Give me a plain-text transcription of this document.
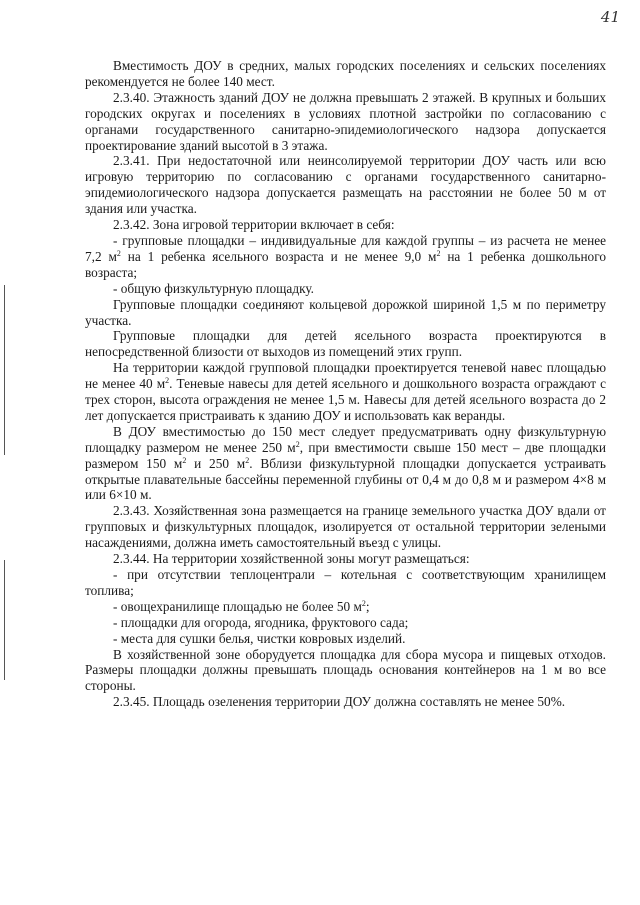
41

Вместимость ДОУ в средних, малых городских поселениях и сельских поселениях рекомендуется не более 140 мест.

2.3.40. Этажность зданий ДОУ не должна превышать 2 этажей. В крупных и больших городских округах и поселениях в условиях плотной застройки по согласованию с органами государственного санитарно-эпидемиологического надзора допускается проектирование зданий высотой в 3 этажа.

2.3.41. При недостаточной или неинсолируемой территории ДОУ часть или всю игровую территорию по согласованию с органами государственного санитарно-эпидемиологического надзора допускается размещать на расстоянии не более 50 м от здания или участка.

2.3.42. Зона игровой территории включает в себя:

- групповые площадки – индивидуальные для каждой группы – из расчета не менее 7,2 $м^2$ на 1 ребенка ясельного возраста и не менее 9,0 $м^2$ на 1 ребенка дошкольного возраста;

- общую физкультурную площадку.

Групповые площадки соединяют кольцевой дорожкой шириной 1,5 м по периметру участка.

Групповые площадки для детей ясельного возраста проектируются в непосредственной близости от выходов из помещений этих групп.

На территории каждой групповой площадки проектируется теневой навес площадью не менее 40 $м^2$. Теневые навесы для детей ясельного и дошкольного возраста ограждают с трех сторон, высота ограждения не менее 1,5 м. Навесы для детей ясельного возраста до 2 лет допускается пристраивать к зданию ДОУ и использовать как веранды.

В ДОУ вместимостью до 150 мест следует предусматривать одну физкультурную площадку размером не менее 250 $м^2$, при вместимости свыше 150 мест – две площадки размером 150 $м^2$ и 250 $м^2$. Вблизи физкультурной площадки допускается устраивать открытые плавательные бассейны переменной глубины от 0,4 м до 0,8 м и размером 4×8 м или 6×10 м.

2.3.43. Хозяйственная зона размещается на границе земельного участка ДОУ вдали от групповых и физкультурных площадок, изолируется от остальной территории зелеными насаждениями, должна иметь самостоятельный въезд с улицы.

2.3.44. На территории хозяйственной зоны могут размещаться:

- при отсутствии теплоцентрали – котельная с соответствующим хранилищем топлива;

- овощехранилище площадью не более 50 $м^2$;

- площадки для огорода, ягодника, фруктового сада;

- места для сушки белья, чистки ковровых изделий.

В хозяйственной зоне оборудуется площадка для сбора мусора и пищевых отходов. Размеры площадки должны превышать площадь основания контейнеров на 1 м во все стороны.

2.3.45. Площадь озеленения территории ДОУ должна составлять не менее 50%.
